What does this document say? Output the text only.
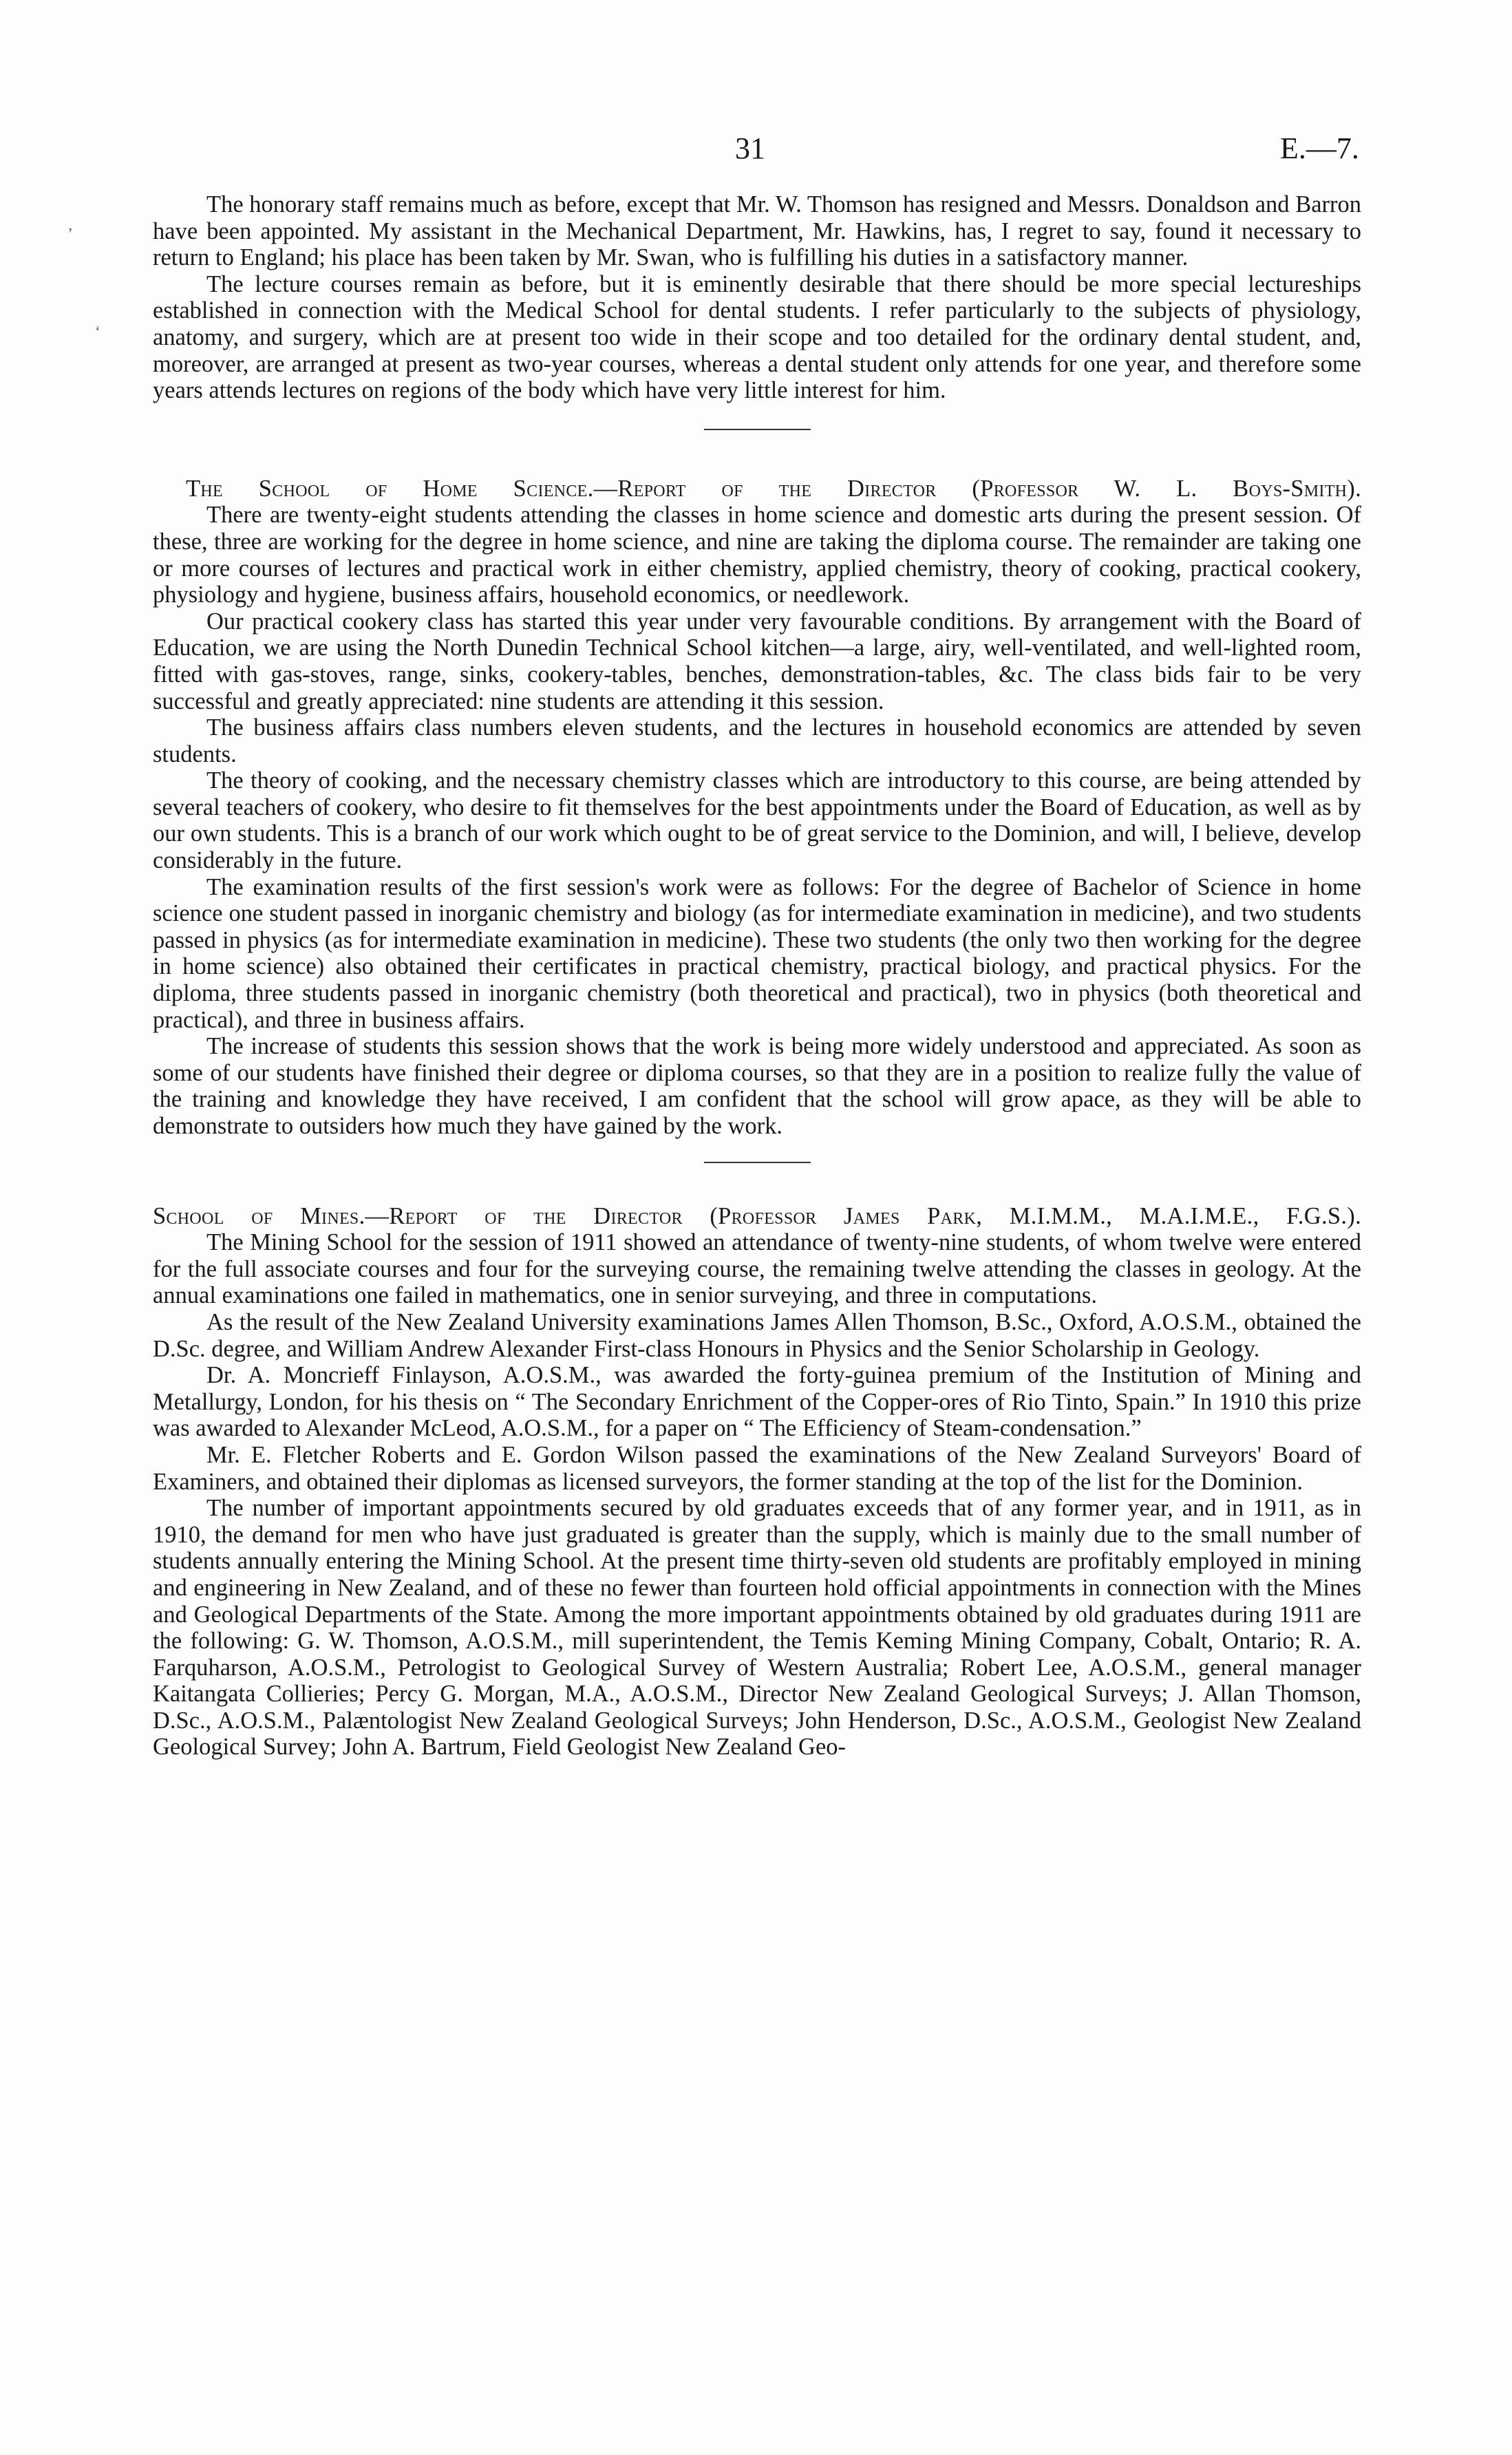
31	E.—7.
‚
‘

The honorary staff remains much as before, except that Mr. W. Thomson has resigned and Messrs. Donaldson and Barron have been appointed. My assistant in the Mechanical Department, Mr. Hawkins, has, I regret to say, found it necessary to return to England; his place has been taken by Mr. Swan, who is fulfilling his duties in a satisfactory manner.

The lecture courses remain as before, but it is eminently desirable that there should be more special lectureships established in connection with the Medical School for dental students. I refer particularly to the subjects of physiology, anatomy, and surgery, which are at present too wide in their scope and too detailed for the ordinary dental student, and, moreover, are arranged at present as two-year courses, whereas a dental student only attends for one year, and therefore some years attends lectures on regions of the body which have very little interest for him.

The School of Home Science.—Report of the Director (Professor W. L. Boys-Smith).

There are twenty-eight students attending the classes in home science and domestic arts during the present session. Of these, three are working for the degree in home science, and nine are taking the diploma course. The remainder are taking one or more courses of lectures and practical work in either chemistry, applied chemistry, theory of cooking, practical cookery, physiology and hygiene, business affairs, household economics, or needlework.

Our practical cookery class has started this year under very favourable conditions. By arrangement with the Board of Education, we are using the North Dunedin Technical School kitchen—a large, airy, well-ventilated, and well-lighted room, fitted with gas-stoves, range, sinks, cookery-tables, benches, demonstration-tables, &c. The class bids fair to be very successful and greatly appreciated: nine students are attending it this session.

The business affairs class numbers eleven students, and the lectures in household economics are attended by seven students.

The theory of cooking, and the necessary chemistry classes which are introductory to this course, are being attended by several teachers of cookery, who desire to fit themselves for the best appointments under the Board of Education, as well as by our own students. This is a branch of our work which ought to be of great service to the Dominion, and will, I believe, develop considerably in the future.

The examination results of the first session's work were as follows: For the degree of Bachelor of Science in home science one student passed in inorganic chemistry and biology (as for intermediate examination in medicine), and two students passed in physics (as for intermediate examination in medicine). These two students (the only two then working for the degree in home science) also obtained their certificates in practical chemistry, practical biology, and practical physics. For the diploma, three students passed in inorganic chemistry (both theoretical and practical), two in physics (both theoretical and practical), and three in business affairs.

The increase of students this session shows that the work is being more widely understood and appreciated. As soon as some of our students have finished their degree or diploma courses, so that they are in a position to realize fully the value of the training and knowledge they have received, I am confident that the school will grow apace, as they will be able to demonstrate to outsiders how much they have gained by the work.

School of Mines.—Report of the Director (Professor James Park, M.I.M.M., M.A.I.M.E., F.G.S.).

The Mining School for the session of 1911 showed an attendance of twenty-nine students, of whom twelve were entered for the full associate courses and four for the surveying course, the remaining twelve attending the classes in geology. At the annual examinations one failed in mathematics, one in senior surveying, and three in computations.

As the result of the New Zealand University examinations James Allen Thomson, B.Sc., Oxford, A.O.S.M., obtained the D.Sc. degree, and William Andrew Alexander First-class Honours in Physics and the Senior Scholarship in Geology.

Dr. A. Moncrieff Finlayson, A.O.S.M., was awarded the forty-guinea premium of the Institution of Mining and Metallurgy, London, for his thesis on “ The Secondary Enrichment of the Copper-ores of Rio Tinto, Spain.” In 1910 this prize was awarded to Alexander McLeod, A.O.S.M., for a paper on “ The Efficiency of Steam-condensation.”

Mr. E. Fletcher Roberts and E. Gordon Wilson passed the examinations of the New Zealand Surveyors' Board of Examiners, and obtained their diplomas as licensed surveyors, the former standing at the top of the list for the Dominion.

The number of important appointments secured by old graduates exceeds that of any former year, and in 1911, as in 1910, the demand for men who have just graduated is greater than the supply, which is mainly due to the small number of students annually entering the Mining School. At the present time thirty-seven old students are profitably employed in mining and engineering in New Zealand, and of these no fewer than fourteen hold official appointments in connection with the Mines and Geological Departments of the State. Among the more important appointments obtained by old graduates during 1911 are the following: G. W. Thomson, A.O.S.M., mill superintendent, the Temis Keming Mining Company, Cobalt, Ontario; R. A. Farquharson, A.O.S.M., Petrologist to Geological Survey of Western Australia; Robert Lee, A.O.S.M., general manager Kaitangata Collieries; Percy G. Morgan, M.A., A.O.S.M., Director New Zealand Geological Surveys; J. Allan Thomson, D.Sc., A.O.S.M., Palæntologist New Zealand Geological Surveys; John Henderson, D.Sc., A.O.S.M., Geologist New Zealand Geological Survey; John A. Bartrum, Field Geologist New Zealand Geo-
